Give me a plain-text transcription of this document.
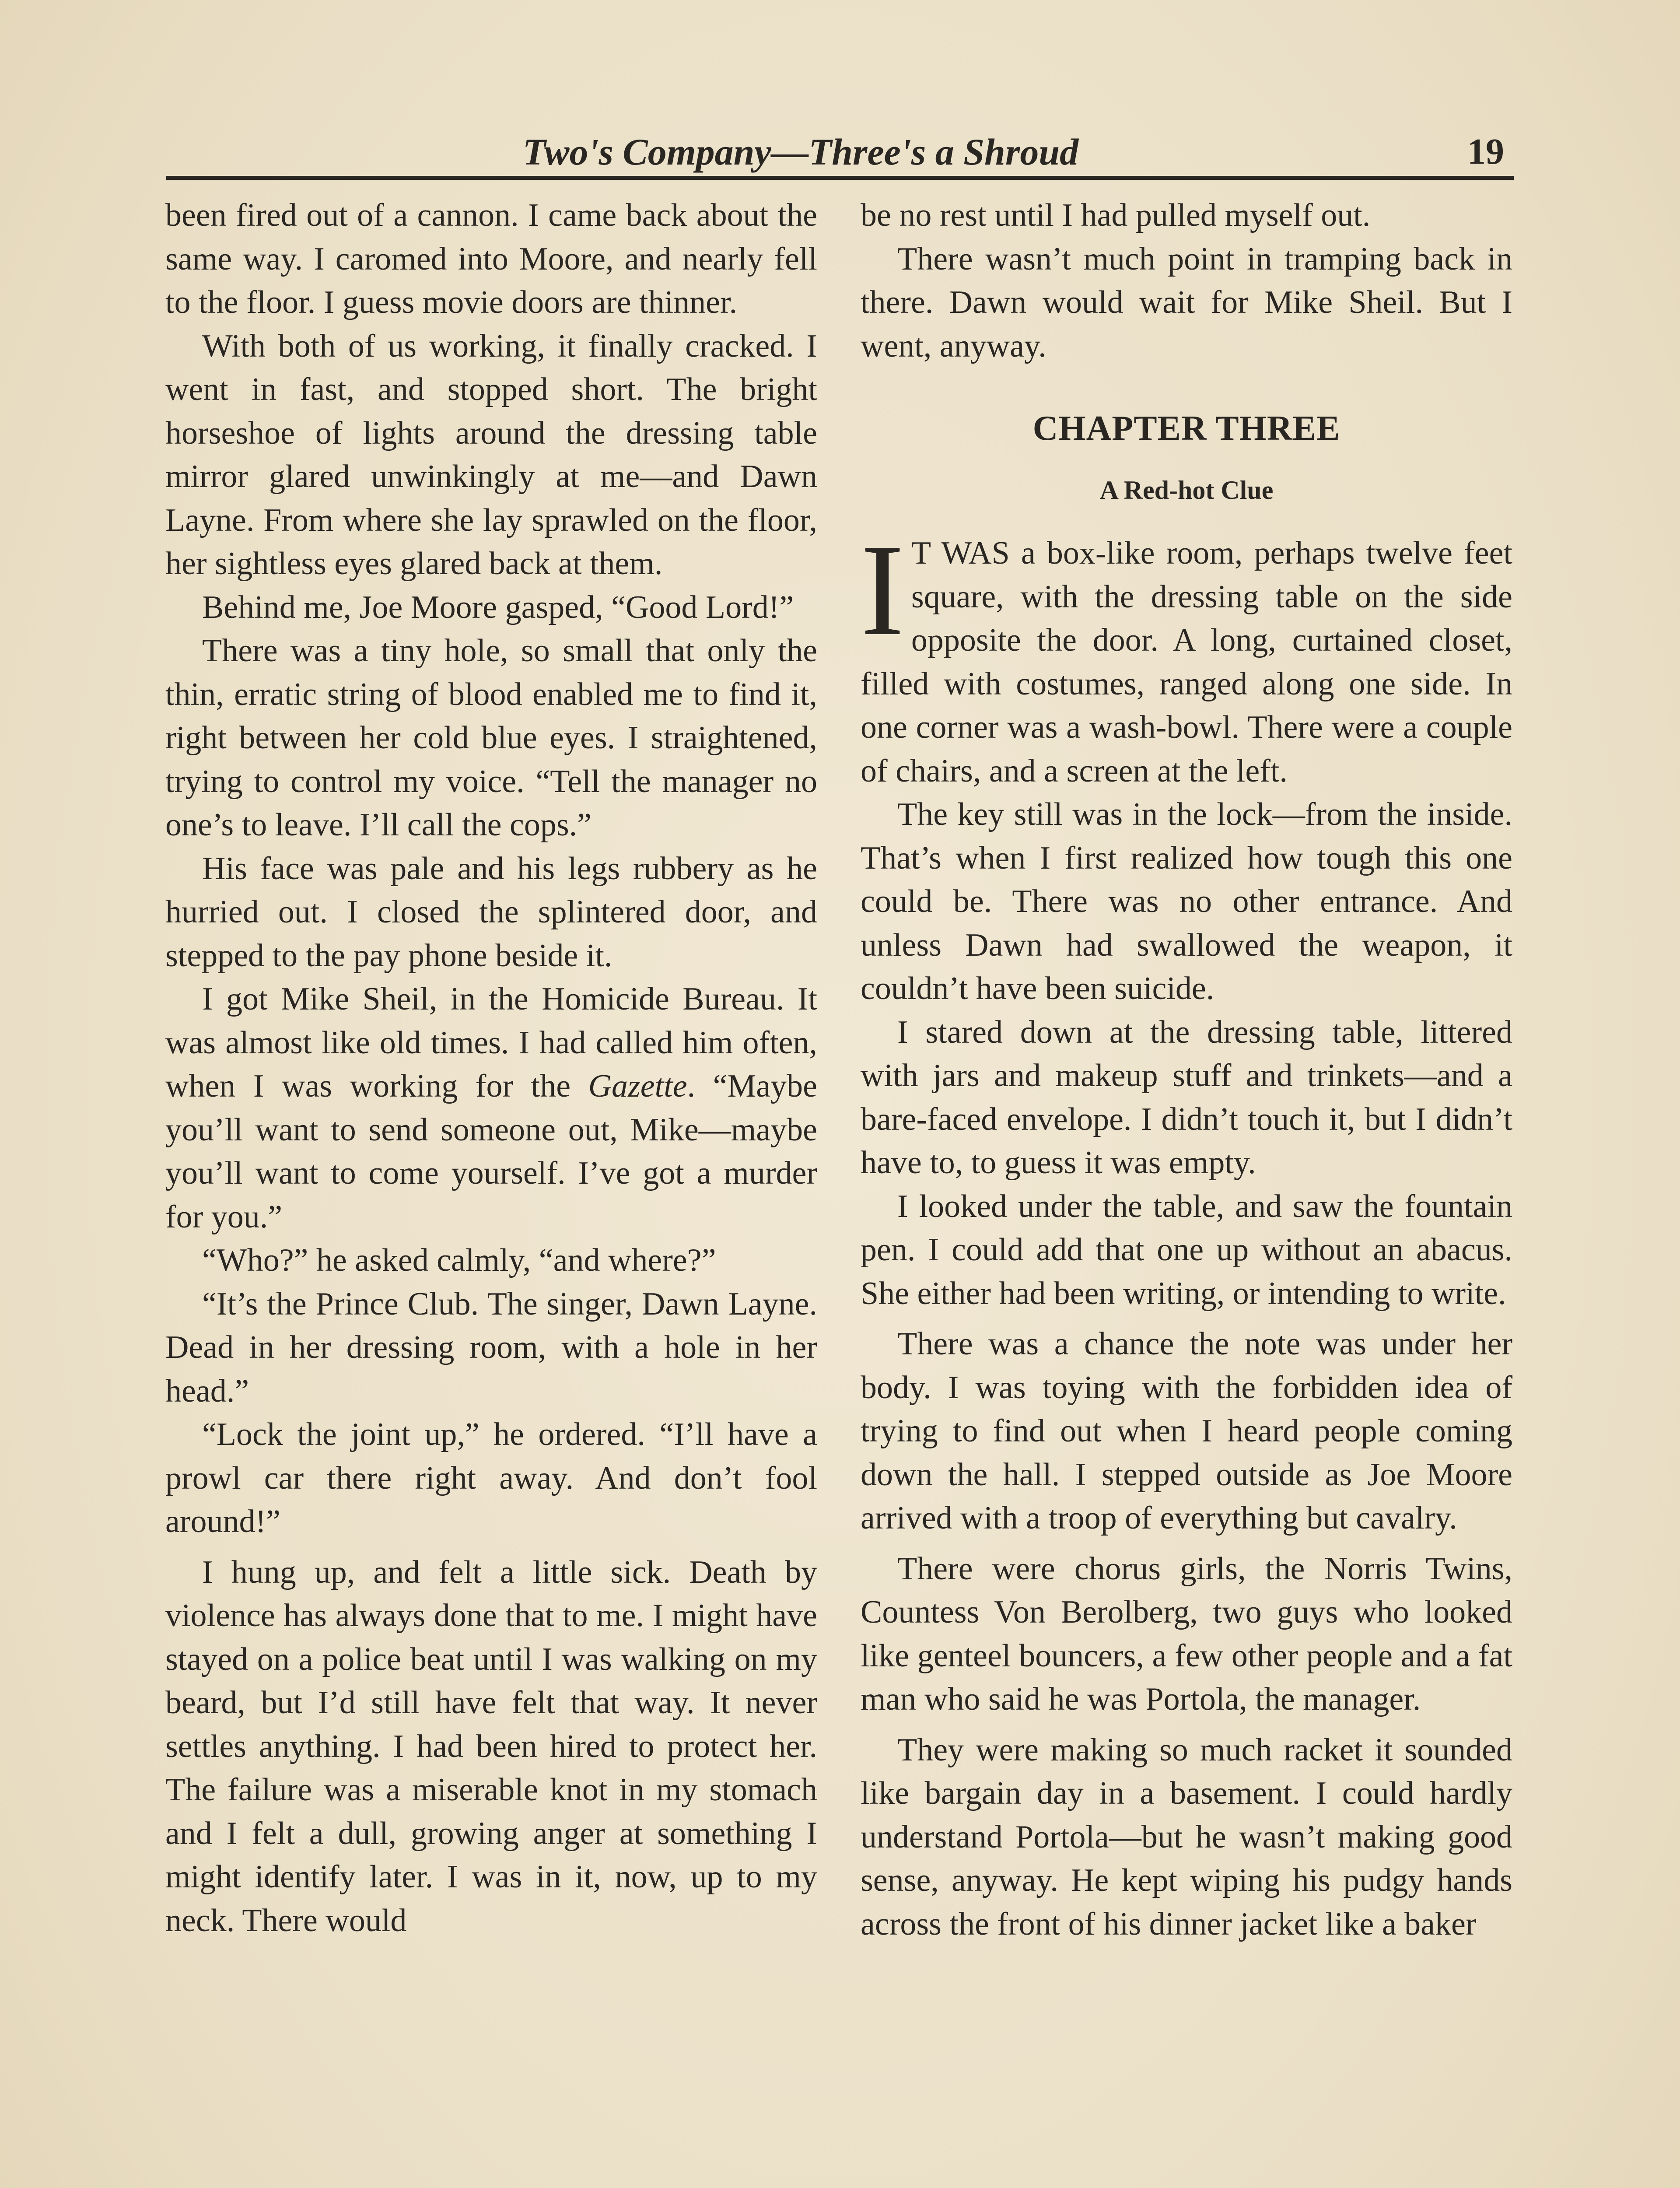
Two's Company—Three's a Shroud	19

been fired out of a cannon. I came back about the same way. I caromed into Moore, and nearly fell to the floor. I guess movie doors are thinner.

With both of us working, it finally cracked. I went in fast, and stopped short. The bright horseshoe of lights around the dressing table mirror glared unwinkingly at me—and Dawn Layne. From where she lay sprawled on the floor, her sightless eyes glared back at them.

Behind me, Joe Moore gasped, “Good Lord!”

There was a tiny hole, so small that only the thin, erratic string of blood enabled me to find it, right between her cold blue eyes. I straightened, trying to control my voice. “Tell the manager no one’s to leave. I’ll call the cops.”

His face was pale and his legs rubbery as he hurried out. I closed the splintered door, and stepped to the pay phone beside it.

I got Mike Sheil, in the Homicide Bureau. It was almost like old times. I had called him often, when I was working for the Gazette. “Maybe you’ll want to send someone out, Mike—maybe you’ll want to come yourself. I’ve got a murder for you.”

“Who?” he asked calmly, “and where?”

“It’s the Prince Club. The singer, Dawn Layne. Dead in her dressing room, with a hole in her head.”

“Lock the joint up,” he ordered. “I’ll have a prowl car there right away. And don’t fool around!”

I hung up, and felt a little sick. Death by violence has always done that to me. I might have stayed on a police beat until I was walking on my beard, but I’d still have felt that way. It never settles anything. I had been hired to protect her. The failure was a miserable knot in my stomach and I felt a dull, growing anger at something I might identify later. I was in it, now, up to my neck. There would

be no rest until I had pulled myself out.

There wasn’t much point in tramping back in there. Dawn would wait for Mike Sheil. But I went, anyway.

CHAPTER THREE
A Red-hot Clue

I T WAS a box-like room, perhaps twelve feet square, with the dressing table on the side opposite the door. A long, curtained closet, filled with costumes, ranged along one side. In one corner was a wash-bowl. There were a couple of chairs, and a screen at the left.

The key still was in the lock—from the inside. That’s when I first realized how tough this one could be. There was no other entrance. And unless Dawn had swallowed the weapon, it couldn’t have been suicide.

I stared down at the dressing table, littered with jars and makeup stuff and trinkets—and a bare-faced envelope. I didn’t touch it, but I didn’t have to, to guess it was empty.

I looked under the table, and saw the fountain pen. I could add that one up without an abacus. She either had been writing, or intending to write.

There was a chance the note was under her body. I was toying with the forbidden idea of trying to find out when I heard people coming down the hall. I stepped outside as Joe Moore arrived with a troop of everything but cavalry.

There were chorus girls, the Norris Twins, Countess Von Berolberg, two guys who looked like genteel bouncers, a few other people and a fat man who said he was Portola, the manager.

They were making so much racket it sounded like bargain day in a basement. I could hardly understand Portola—but he wasn’t making good sense, anyway. He kept wiping his pudgy hands across the front of his dinner jacket like a baker
